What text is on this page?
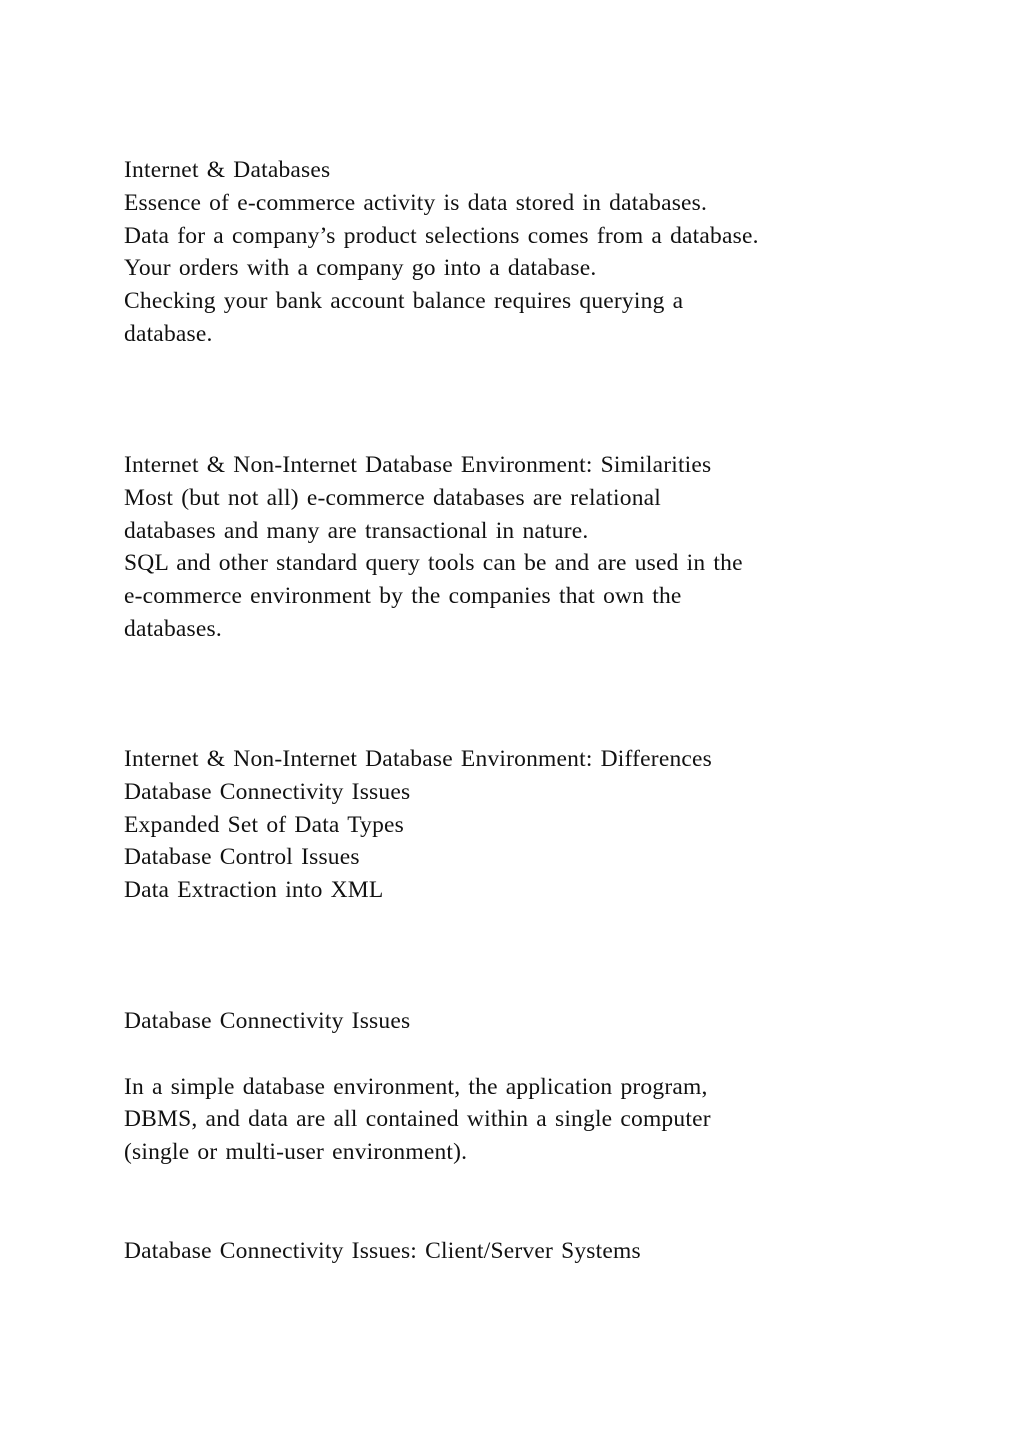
Internet & Databases
Essence of e-commerce activity is data stored in databases.
Data for a company’s product selections comes from a database.
Your orders with a company go into a database.
Checking your bank account balance requires querying a
database.
Internet & Non-Internet Database Environment: Similarities
Most (but not all) e-commerce databases are relational
databases and many are transactional in nature.
SQL and other standard query tools can be and are used in the
e-commerce environment by the companies that own the
databases.
Internet & Non-Internet Database Environment: Differences
Database Connectivity Issues
Expanded Set of Data Types
Database Control Issues
Data Extraction into XML
Database Connectivity Issues
In a simple database environment, the application program,
DBMS, and data are all contained within a single computer
(single or multi-user environment).
Database Connectivity Issues: Client/Server Systems
